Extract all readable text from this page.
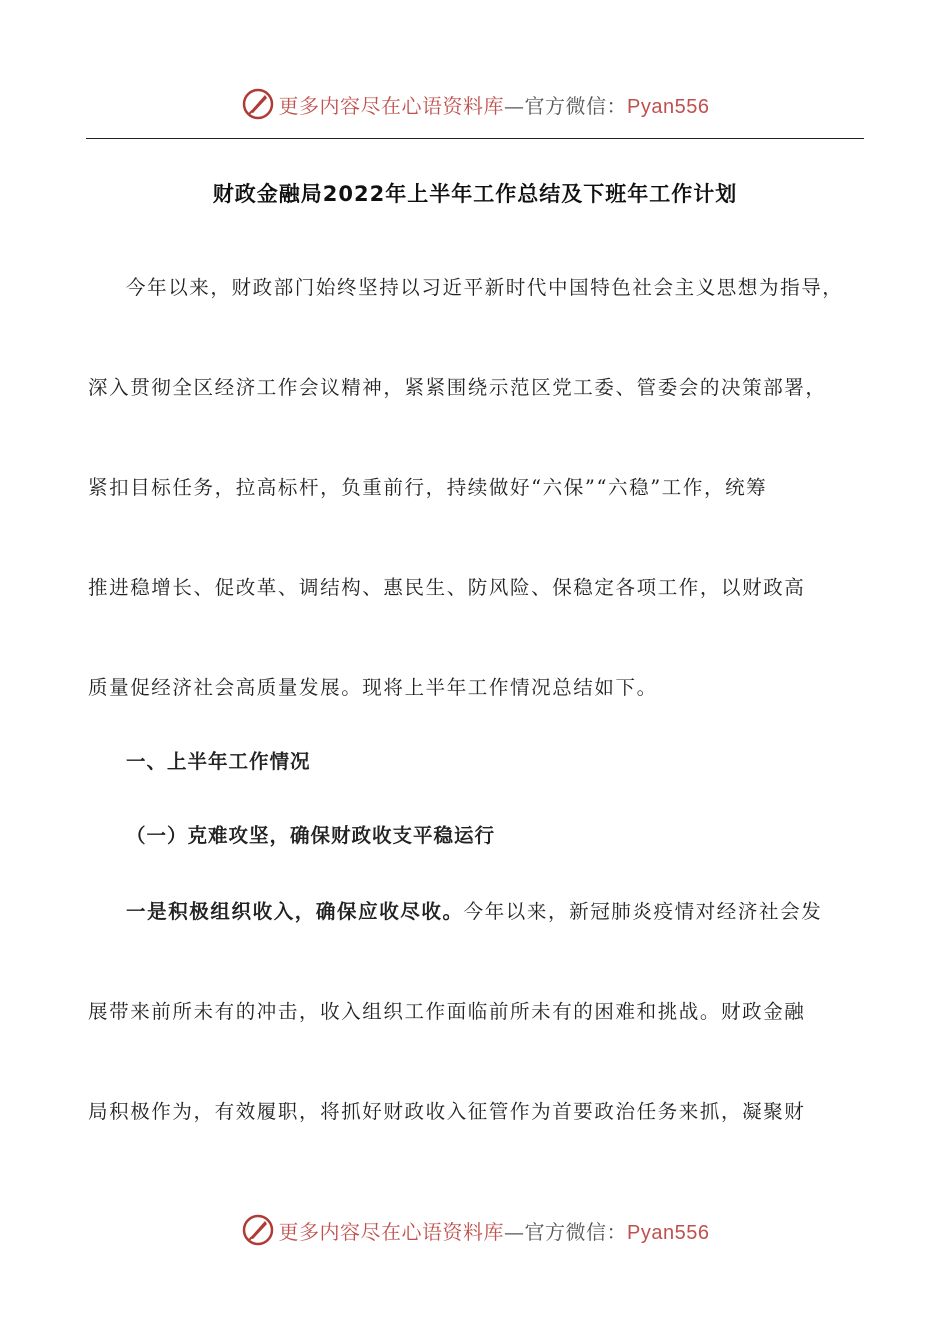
更多内容尽在心语资料库—官方微信：Pyan556
财政金融局2022年上半年工作总结及下班年工作计划
今年以来，财政部门始终坚持以习近平新时代中国特色社会主义思想为指导，
深入贯彻全区经济工作会议精神，紧紧围绕示范区党工委、管委会的决策部署，
紧扣目标任务，拉高标杆，负重前行，持续做好“六保”“六稳”工作，统筹
推进稳增长、促改革、调结构、惠民生、防风险、保稳定各项工作，以财政高
质量促经济社会高质量发展。现将上半年工作情况总结如下。
一、上半年工作情况
（一）克难攻坚，确保财政收支平稳运行
一是积极组织收入，确保应收尽收。今年以来，新冠肺炎疫情对经济社会发
展带来前所未有的冲击，收入组织工作面临前所未有的困难和挑战。财政金融
局积极作为，有效履职，将抓好财政收入征管作为首要政治任务来抓，凝聚财
更多内容尽在心语资料库—官方微信：Pyan556
